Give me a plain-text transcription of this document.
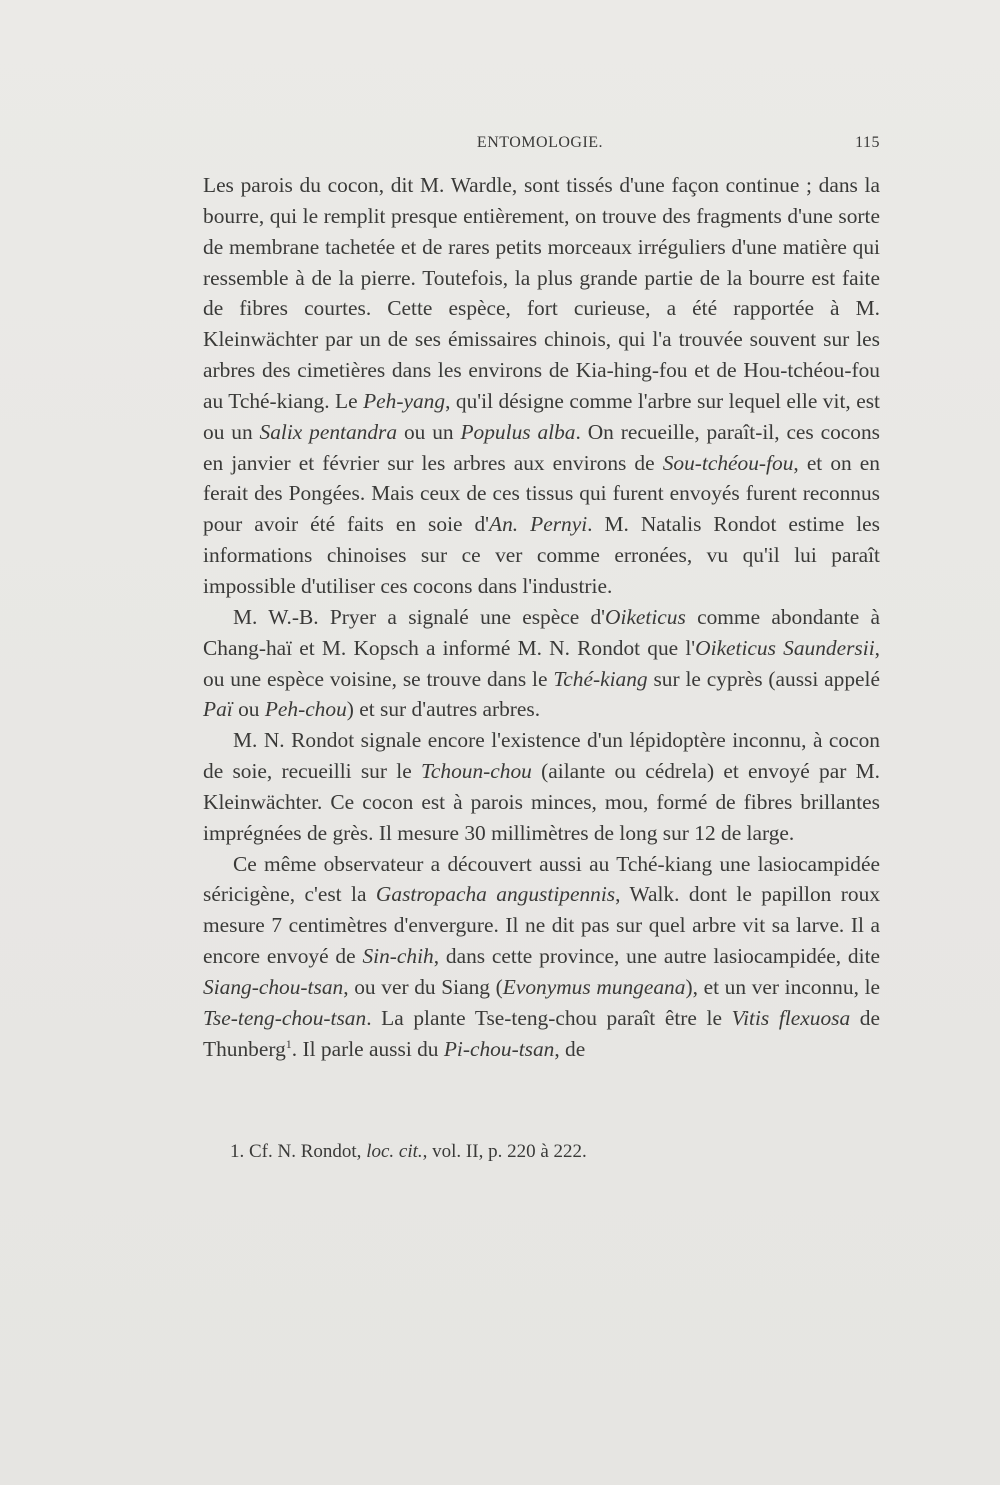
ENTOMOLOGIE.	115

Les parois du cocon, dit M. Wardle, sont tissés d'une façon continue ; dans la bourre, qui le remplit presque entièrement, on trouve des fragments d'une sorte de membrane tachetée et de rares petits morceaux irréguliers d'une matière qui ressemble à de la pierre. Toutefois, la plus grande partie de la bourre est faite de fibres courtes. Cette espèce, fort curieuse, a été rapportée à M. Kleinwächter par un de ses émissaires chinois, qui l'a trouvée souvent sur les arbres des cimetières dans les environs de Kia-hing-fou et de Hou-tchéou-fou au Tché-kiang. Le Peh-yang, qu'il désigne comme l'arbre sur lequel elle vit, est ou un Salix pentandra ou un Populus alba. On recueille, paraît-il, ces cocons en janvier et février sur les arbres aux environs de Sou-tchéou-fou, et on en ferait des Pongées. Mais ceux de ces tissus qui furent envoyés furent reconnus pour avoir été faits en soie d'An. Pernyi. M. Natalis Rondot estime les informations chinoises sur ce ver comme erronées, vu qu'il lui paraît impossible d'utiliser ces cocons dans l'industrie.

M. W.-B. Pryer a signalé une espèce d'Oiketicus comme abondante à Chang-haï et M. Kopsch a informé M. N. Rondot que l'Oiketicus Saundersii, ou une espèce voisine, se trouve dans le Tché-kiang sur le cyprès (aussi appelé Paï ou Peh-chou) et sur d'autres arbres.

M. N. Rondot signale encore l'existence d'un lépidoptère inconnu, à cocon de soie, recueilli sur le Tchoun-chou (ailante ou cédrela) et envoyé par M. Kleinwächter. Ce cocon est à parois minces, mou, formé de fibres brillantes imprégnées de grès. Il mesure 30 millimètres de long sur 12 de large.

Ce même observateur a découvert aussi au Tché-kiang une lasiocampidée séricigène, c'est la Gastropacha angustipennis, Walk. dont le papillon roux mesure 7 centimètres d'envergure. Il ne dit pas sur quel arbre vit sa larve. Il a encore envoyé de Sin-chih, dans cette province, une autre lasiocampidée, dite Siang-chou-tsan, ou ver du Siang (Evonymus mungeana), et un ver inconnu, le Tse-teng-chou-tsan. La plante Tse-teng-chou paraît être le Vitis flexuosa de Thunberg$^1$. Il parle aussi du Pi-chou-tsan, de

1. Cf. N. Rondot, loc. cit., vol. II, p. 220 à 222.
